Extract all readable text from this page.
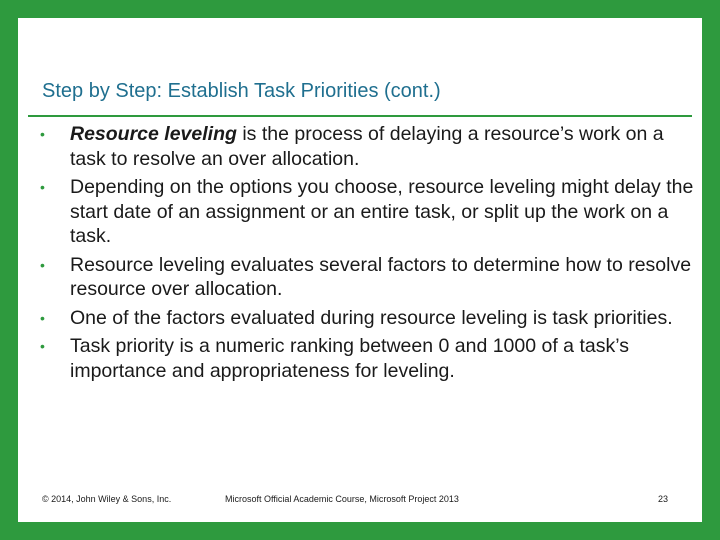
Step by Step: Establish Task Priorities (cont.)
•	Resource leveling is the process of delaying a resource’s work on a task to resolve an over allocation.
•	Depending on the options you choose, resource leveling might delay the start date of an assignment or an entire task, or split up the work on a task.
•	Resource leveling evaluates several factors to determine how to resolve resource over allocation.
•	One of the factors evaluated during resource leveling is task priorities.
•	Task priority is a numeric ranking between 0 and 1000 of a task’s importance and appropriateness for leveling.
© 2014, John Wiley & Sons, Inc.	Microsoft Official Academic Course, Microsoft Project 2013	23
